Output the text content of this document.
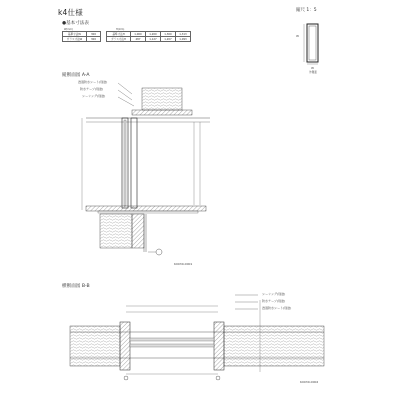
k4仕様	縮尺 1：5
●基本寸法表
W(mm)	H(mm)
基準寸法W	300		基準寸法H	1,000	1,200	1,300	1,313
ガラス寸法W	300		ガラス寸法H	487	1,127	1,207	1,093
W
W
外側面
縦断面図 A-A
透湿防水シート(別途)
防水テープ(別途)
シーリング(別途)
K0030-0001
横断面図 B-B
シーリング(別途)
防水テープ(別途)
透湿防水シート(別途)
K0030-0002
